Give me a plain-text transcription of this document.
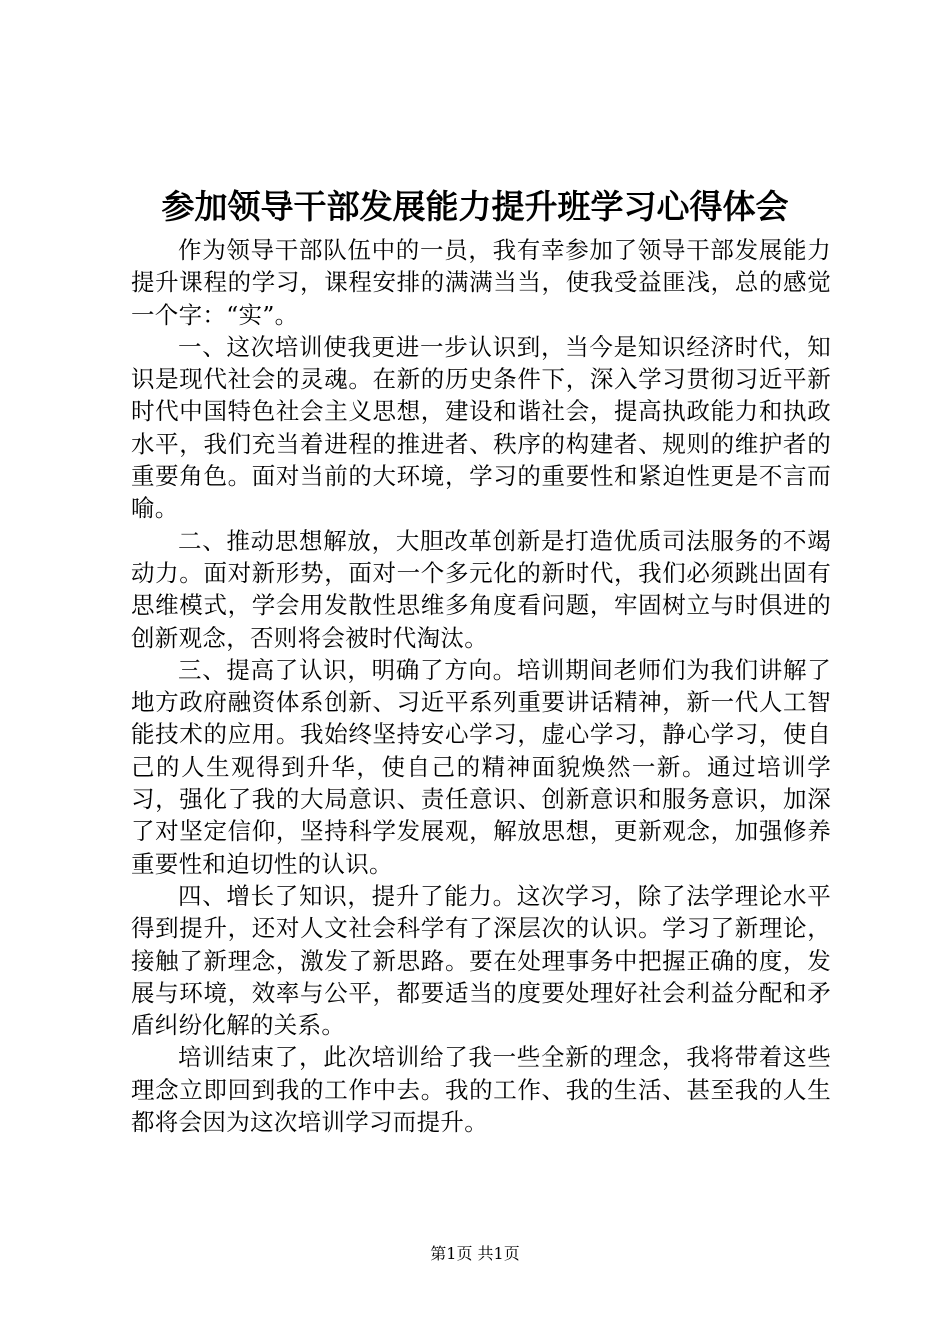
参加领导干部发展能力提升班学习心得体会

作为领导干部队伍中的一员，我有幸参加了领导干部发展能力提升课程的学习，课程安排的满满当当，使我受益匪浅，总的感觉一个字：“实”。

一、这次培训使我更进一步认识到，当今是知识经济时代，知识是现代社会的灵魂。在新的历史条件下，深入学习贯彻习近平新时代中国特色社会主义思想，建设和谐社会，提高执政能力和执政水平，我们充当着进程的推进者、秩序的构建者、规则的维护者的重要角色。面对当前的大环境，学习的重要性和紧迫性更是不言而喻。

二、推动思想解放，大胆改革创新是打造优质司法服务的不竭动力。面对新形势，面对一个多元化的新时代，我们必须跳出固有思维模式，学会用发散性思维多角度看问题，牢固树立与时俱进的创新观念，否则将会被时代淘汰。

三、提高了认识，明确了方向。培训期间老师们为我们讲解了地方政府融资体系创新、习近平系列重要讲话精神，新一代人工智能技术的应用。我始终坚持安心学习，虚心学习，静心学习，使自己的人生观得到升华，使自己的精神面貌焕然一新。通过培训学习，强化了我的大局意识、责任意识、创新意识和服务意识，加深了对坚定信仰，坚持科学发展观，解放思想，更新观念，加强修养重要性和迫切性的认识。

四、增长了知识，提升了能力。这次学习，除了法学理论水平得到提升，还对人文社会科学有了深层次的认识。学习了新理论，接触了新理念，激发了新思路。要在处理事务中把握正确的度，发展与环境，效率与公平，都要适当的度要处理好社会利益分配和矛盾纠纷化解的关系。

培训结束了，此次培训给了我一些全新的理念，我将带着这些理念立即回到我的工作中去。我的工作、我的生活、甚至我的人生都将会因为这次培训学习而提升。

第1页 共1页
